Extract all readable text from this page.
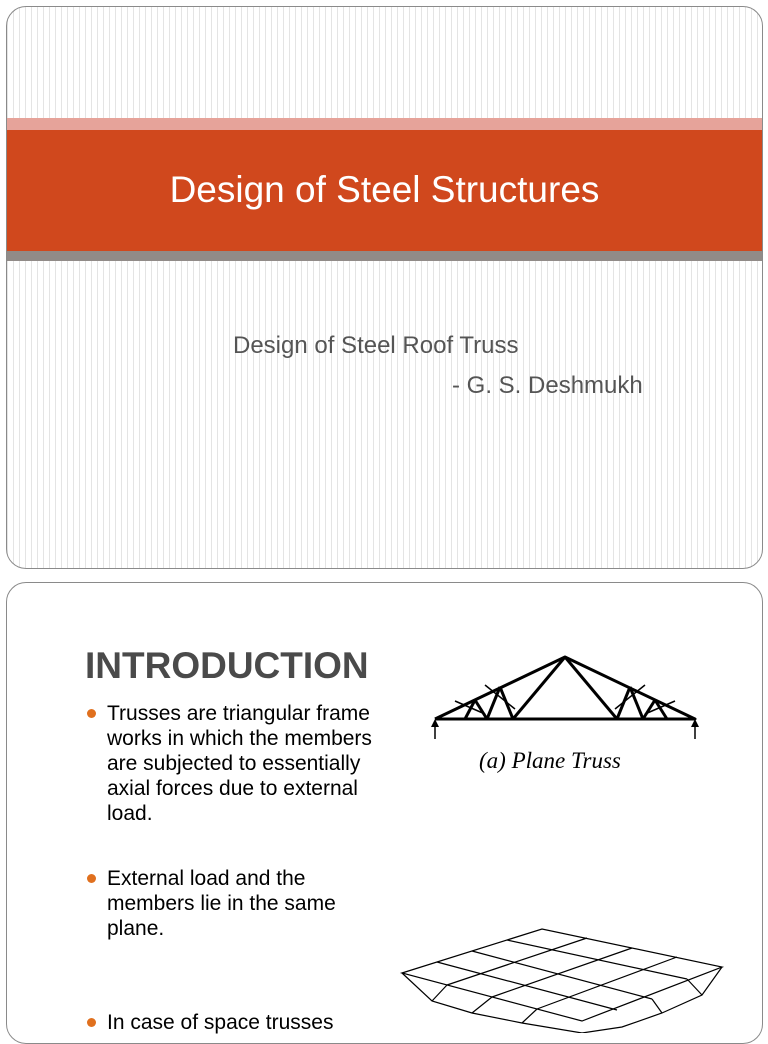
Design of Steel Structures
Design of Steel Roof Truss
- G. S. Deshmukh
INTRODUCTION
Trusses are triangular frame works in which the members are subjected to essentially axial forces due to external load.
External load and the members lie in the same plane.
In case of space trusses
(a) Plane Truss
